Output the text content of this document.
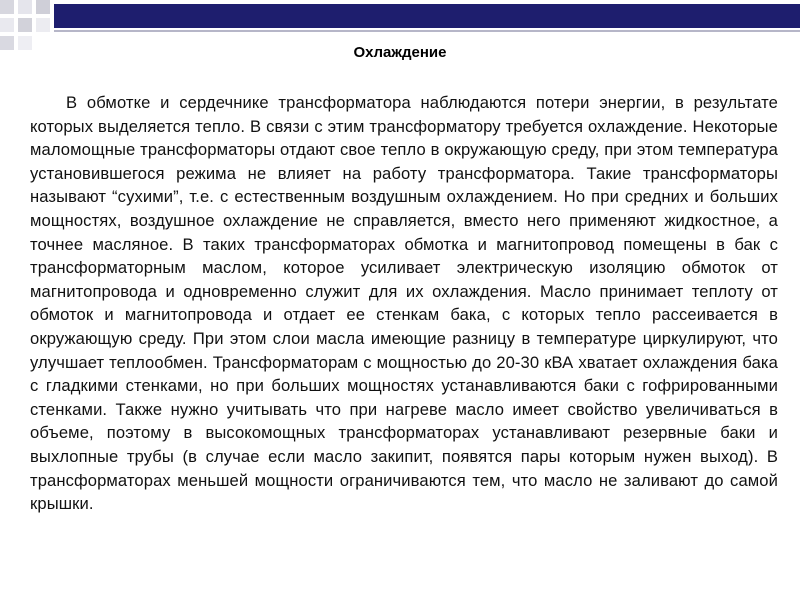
Охлаждение

В обмотке и сердечнике трансформатора наблюдаются потери энергии, в результате которых выделяется тепло. В связи с этим трансформатору требуется охлаждение. Некоторые маломощные трансформаторы отдают свое тепло в окружающую среду, при этом температура установившегося режима не влияет на работу трансформатора. Такие трансформаторы называют “сухими”, т.е. с естественным воздушным охлаждением. Но при средних и больших мощностях, воздушное охлаждение не справляется, вместо него применяют жидкостное, а точнее масляное. В таких трансформаторах обмотка и магнитопровод помещены в бак с трансформаторным маслом, которое усиливает электрическую изоляцию обмоток от магнитопровода и одновременно служит для их охлаждения. Масло принимает теплоту от обмоток и магнитопровода и отдает ее стенкам бака, с которых тепло рассеивается в окружающую среду. При этом слои масла имеющие разницу в температуре циркулируют, что улучшает теплообмен. Трансформаторам с мощностью до 20-30 кВА хватает охлаждения бака с гладкими стенками, но при больших мощностях устанавливаются баки с гофрированными стенками. Также нужно учитывать что при нагреве масло имеет свойство увеличиваться в объеме, поэтому в высокомощных трансформаторах устанавливают резервные баки и выхлопные трубы (в случае если масло закипит, появятся пары которым нужен выход). В трансформаторах меньшей мощности ограничиваются тем, что масло не заливают до самой крышки.
